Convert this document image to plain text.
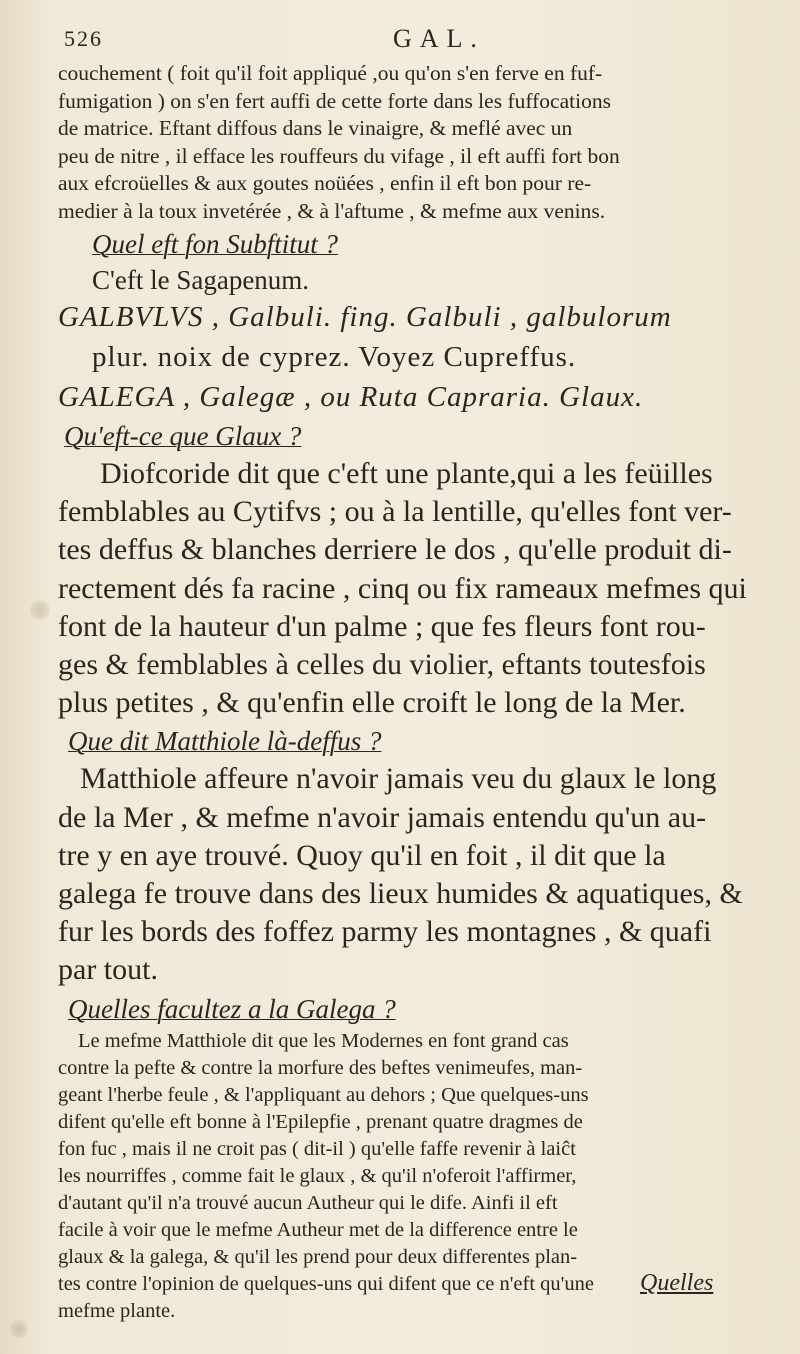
526	GAL.
couchement ( foit qu'il foit appliqué ,ou qu'on s'en ferve en fuf-
fumigation ) on s'en fert auffi de cette forte dans les fuffocations
de matrice. Eftant diffous dans le vinaigre, & meflé avec un
peu de nitre , il efface les rouffeurs du vifage , il eft auffi fort bon
aux efcroüelles & aux goutes noüées , enfin il eft bon pour re-
medier à la toux invetérée , & à l'aftume , & mefme aux venins.
Quel eft fon Subftitut ?
C'eft le Sagapenum.
GALBVLVS , Galbuli. fing. Galbuli , galbulorum
plur. noix de cyprez. Voyez Cupreffus.
GALEGA , Galegæ , ou Ruta Capraria. Glaux.
Qu'eft-ce que Glaux ?
Diofcoride dit que c'eft une plante,qui a les feüilles
femblables au Cytifvs ; ou à la lentille, qu'elles font ver-
tes deffus & blanches derriere le dos , qu'elle produit di-
rectement dés fa racine , cinq ou fix rameaux mefmes qui
font de la hauteur d'un palme ; que fes fleurs font rou-
ges & femblables à celles du violier, eftants toutesfois
plus petites , & qu'enfin elle croift le long de la Mer.
Que dit Matthiole là-deffus ?
Matthiole affeure n'avoir jamais veu du glaux le long
de la Mer , & mefme n'avoir jamais entendu qu'un au-
tre y en aye trouvé. Quoy qu'il en foit , il dit que la
galega fe trouve dans des lieux humides & aquatiques, &
fur les bords des foffez parmy les montagnes , & quafi
par tout.
Quelles facultez a la Galega ?
Le mefme Matthiole dit que les Modernes en font grand cas
contre la pefte & contre la morfure des beftes venimeufes, man-
geant l'herbe feule , & l'appliquant au dehors ; Que quelques-uns
difent qu'elle eft bonne à l'Epilepfie , prenant quatre dragmes de
fon fuc , mais il ne croit pas ( dit-il ) qu'elle faffe revenir à laiĉt
les nourriffes , comme fait le glaux , & qu'il n'oferoit l'affirmer,
d'autant qu'il n'a trouvé aucun Autheur qui le dife. Ainfi il eft
facile à voir que le mefme Autheur met de la difference entre le
glaux & la galega, & qu'il les prend pour deux differentes plan-
tes contre l'opinion de quelques-uns qui difent que ce n'eft qu'une
mefme plante.
Quelles
